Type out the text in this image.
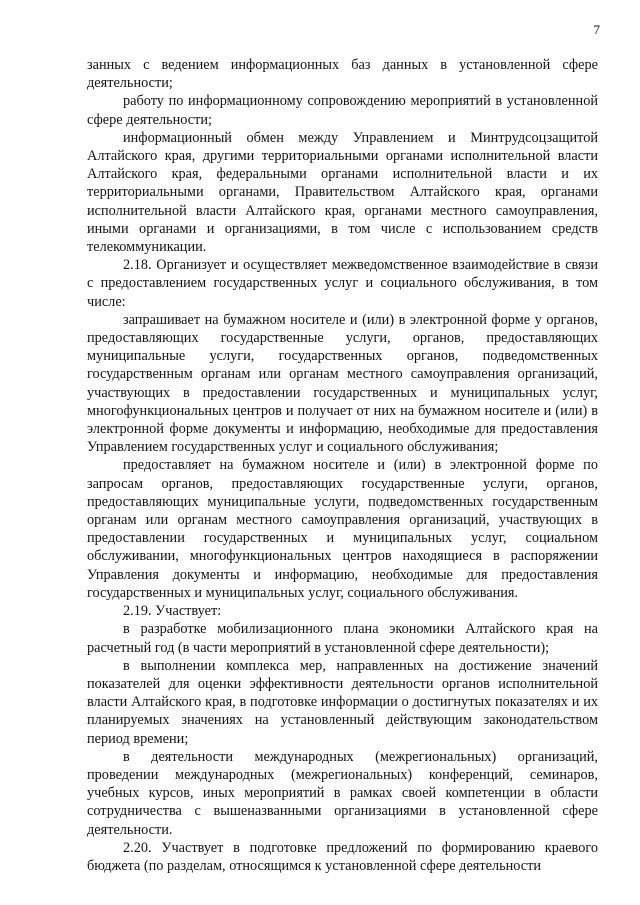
7

занных с ведением информационных баз данных в установленной сфере деятельности;

работу по информационному сопровождению мероприятий в установленной сфере деятельности;

информационный обмен между Управлением и Минтрудсоцзащитой Алтайского края, другими территориальными органами исполнительной власти Алтайского края, федеральными органами исполнительной власти и их территориальными органами, Правительством Алтайского края, органами исполнительной власти Алтайского края, органами местного самоуправления, иными органами и организациями, в том числе с использованием средств телекоммуникации.

2.18. Организует и осуществляет межведомственное взаимодействие в связи с предоставлением государственных услуг и социального обслуживания, в том числе:

запрашивает на бумажном носителе и (или) в электронной форме у органов, предоставляющих государственные услуги, органов, предоставляющих муниципальные услуги, государственных органов, подведомственных государственным органам или органам местного самоуправления организаций, участвующих в предоставлении государственных и муниципальных услуг, многофункциональных центров и получает от них на бумажном носителе и (или) в электронной форме документы и информацию, необходимые для предоставления Управлением государственных услуг и социального обслуживания;

предоставляет на бумажном носителе и (или) в электронной форме по запросам органов, предоставляющих государственные услуги, органов, предоставляющих муниципальные услуги, подведомственных государственным органам или органам местного самоуправления организаций, участвующих в предоставлении государственных и муниципальных услуг, социальном обслуживании, многофункциональных центров находящиеся в распоряжении Управления документы и информацию, необходимые для предоставления государственных и муниципальных услуг, социального обслуживания.

2.19. Участвует:

в разработке мобилизационного плана экономики Алтайского края на расчетный год (в части мероприятий в установленной сфере деятельности);

в выполнении комплекса мер, направленных на достижение значений показателей для оценки эффективности деятельности органов исполнительной власти Алтайского края, в подготовке информации о достигнутых показателях и их планируемых значениях на установленный действующим законодательством период времени;

в деятельности международных (межрегиональных) организаций, проведении международных (межрегиональных) конференций, семинаров, учебных курсов, иных мероприятий в рамках своей компетенции в области сотрудничества с вышеназванными организациями в установленной сфере деятельности.

2.20. Участвует в подготовке предложений по формированию краевого бюджета (по разделам, относящимся к установленной сфере деятельности
